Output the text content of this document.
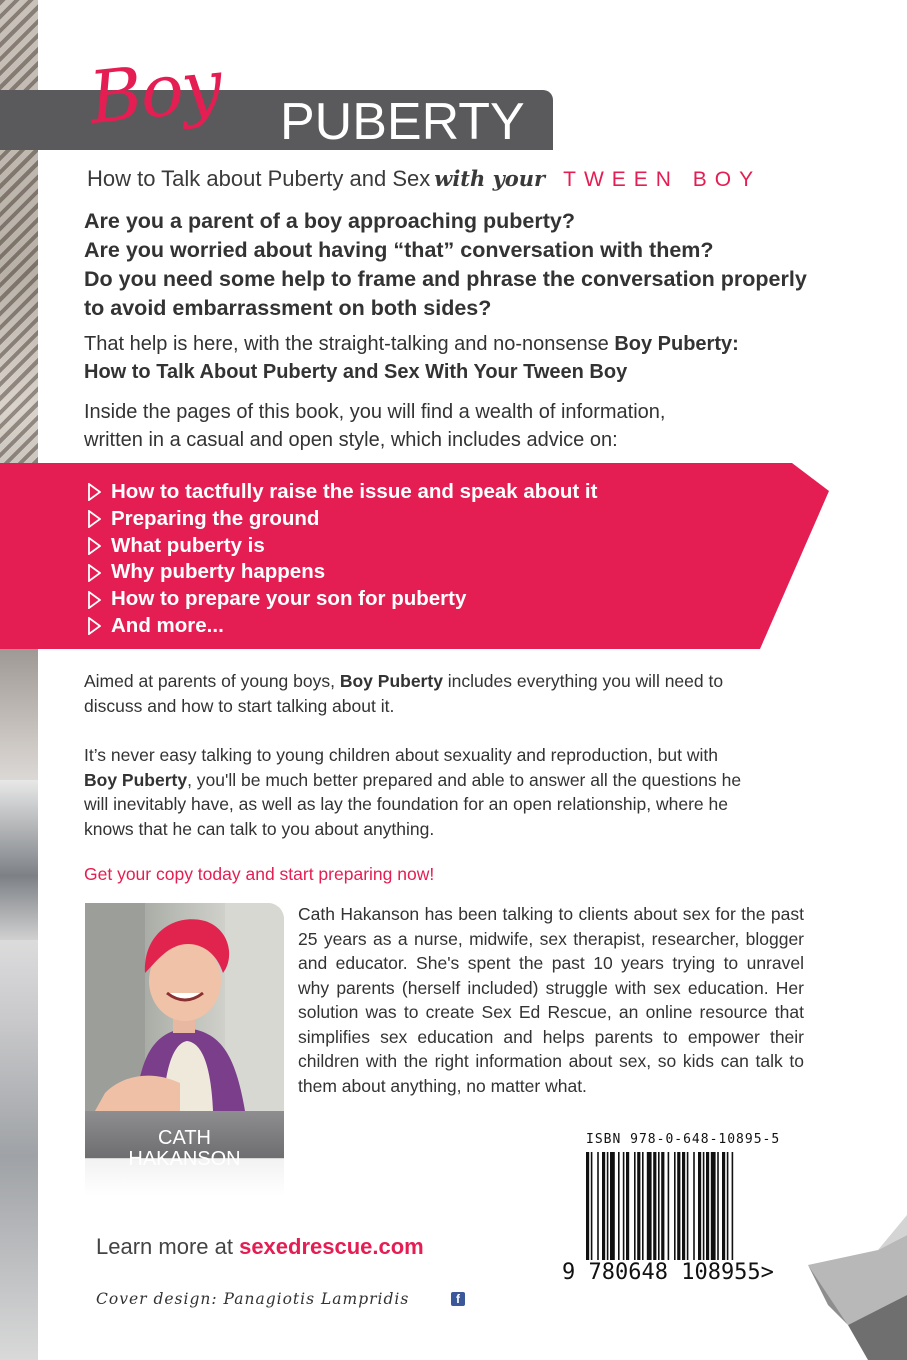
Boy PUBERTY
How to Talk about Puberty and Sex with your TWEEN BOY
Are you a parent of a boy approaching puberty?
Are you worried about having “that” conversation with them?
Do you need some help to frame and phrase the conversation properly
to avoid embarrassment on both sides?
That help is here, with the straight-talking and no-nonsense Boy Puberty:
How to Talk About Puberty and Sex With Your Tween Boy
Inside the pages of this book, you will find a wealth of information,
written in a casual and open style, which includes advice on:
How to tactfully raise the issue and speak about it
Preparing the ground
What puberty is
Why puberty happens
How to prepare your son for puberty
And more...
Aimed at parents of young boys, Boy Puberty includes everything you will need to
discuss and how to start talking about it.
It’s never easy talking to young children about sexuality and reproduction, but with
Boy Puberty, you'll be much better prepared and able to answer all the questions he
will inevitably have, as well as lay the foundation for an open relationship, where he
knows that he can talk to you about anything.
Get your copy today and start preparing now!
CATH
HAKANSON
Cath Hakanson has been talking to clients about sex for the past 25 years as a nurse, midwife, sex therapist, researcher, blogger and educator. She's spent the past 10 years trying to unravel why parents (herself included) struggle with sex education. Her solution was to create Sex Ed Rescue, an online resource that simplifies sex education and helps parents to empower their children with the right information about sex, so kids can talk to them about anything, no matter what.
ISBN 978-0-648-10895-5
9 780648 108955>
Learn more at sexedrescue.com
Cover design: Panagiotis Lampridis	f
